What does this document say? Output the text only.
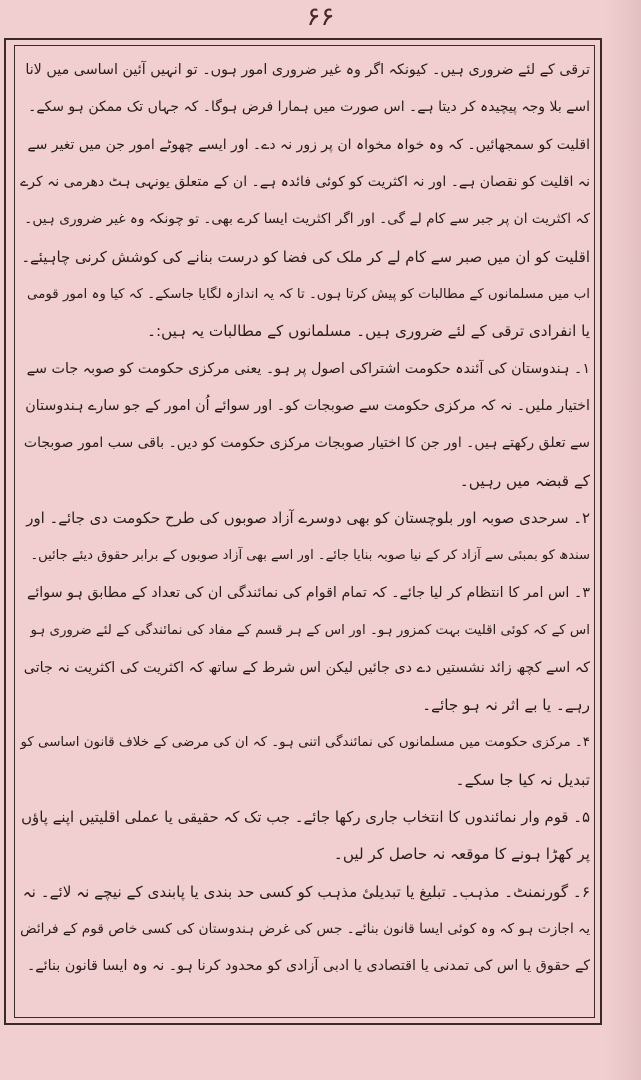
۶۶
ترقی کے لئے ضروری ہیں۔ کیونکہ اگر وہ غیر ضروری امور ہوں۔ تو انہیں آئین اساسی میں لانا
اسے بلا وجہ پیچیدہ کر دیتا ہے۔ اس صورت میں ہمارا فرض ہوگا۔ کہ جہاں تک ممکن ہو سکے۔
اقلیت کو سمجھائیں۔ کہ وہ خواہ مخواہ ان پر زور نہ دے۔ اور ایسے چھوٹے امور جن میں تغیر سے
نہ اقلیت کو نقصان ہے۔ اور نہ اکثریت کو کوئی فائدہ ہے۔ ان کے متعلق یونہی ہٹ دھرمی نہ کرے
کہ اکثریت ان پر جبر سے کام لے گی۔ اور اگر اکثریت ایسا کرے بھی۔ تو چونکہ وہ غیر ضروری ہیں۔
اقلیت کو ان میں صبر سے کام لے کر ملک کی فضا کو درست بنانے کی کوشش کرنی چاہیئے۔
اب میں مسلمانوں کے مطالبات کو پیش کرتا ہوں۔ تا کہ یہ اندازہ لگایا جاسکے۔ کہ کیا وہ امور قومی
یا انفرادی ترقی کے لئے ضروری ہیں۔ مسلمانوں کے مطالبات یہ ہیں:۔
۱۔ ہندوستان کی آئندہ حکومت اشتراکی اصول پر ہو۔ یعنی مرکزی حکومت کو صوبہ جات سے
اختیار ملیں۔ نہ کہ مرکزی حکومت سے صوبجات کو۔ اور سوائے اُن امور کے جو سارے ہندوستان
سے تعلق رکھتے ہیں۔ اور جن کا اختیار صوبجات مرکزی حکومت کو دیں۔ باقی سب امور صوبجات
کے قبضہ میں رہیں۔
۲۔ سرحدی صوبہ اور بلوچستان کو بھی دوسرے آزاد صوبوں کی طرح حکومت دی جائے۔ اور
سندھ کو بمبئی سے آزاد کر کے نیا صوبہ بنایا جائے۔ اور اسے بھی آزاد صوبوں کے برابر حقوق دیئے جائیں۔
۳۔ اس امر کا انتظام کر لیا جائے۔ کہ تمام اقوام کی نمائندگی ان کی تعداد کے مطابق ہو سوائے
اس کے کہ کوئی اقلیت بہت کمزور ہو۔ اور اس کے ہر قسم کے مفاد کی نمائندگی کے لئے ضروری ہو
کہ اسے کچھ زائد نشستیں دے دی جائیں لیکن اس شرط کے ساتھ کہ اکثریت کی اکثریت نہ جاتی
رہے۔ یا بے اثر نہ ہو جائے۔
۴۔ مرکزی حکومت میں مسلمانوں کی نمائندگی اتنی ہو۔ کہ ان کی مرضی کے خلاف قانون اساسی کو
تبدیل نہ کیا جا سکے۔
۵۔ قوم وار نمائندوں کا انتخاب جاری رکھا جائے۔ جب تک کہ حقیقی یا عملی اقلیتیں اپنے پاؤں
پر کھڑا ہونے کا موقعہ نہ حاصل کر لیں۔
۶۔ گورنمنٹ۔ مذہب۔ تبلیغ یا تبدیلیٔ مذہب کو کسی حد بندی یا پابندی کے نیچے نہ لائے۔ نہ
یہ اجازت ہو کہ وہ کوئی ایسا قانون بنائے۔ جس کی غرض ہندوستان کی کسی خاص قوم کے فرائض
کے حقوق یا اس کی تمدنی یا اقتصادی یا ادبی آزادی کو محدود کرنا ہو۔ نہ وہ ایسا قانون بنائے۔
